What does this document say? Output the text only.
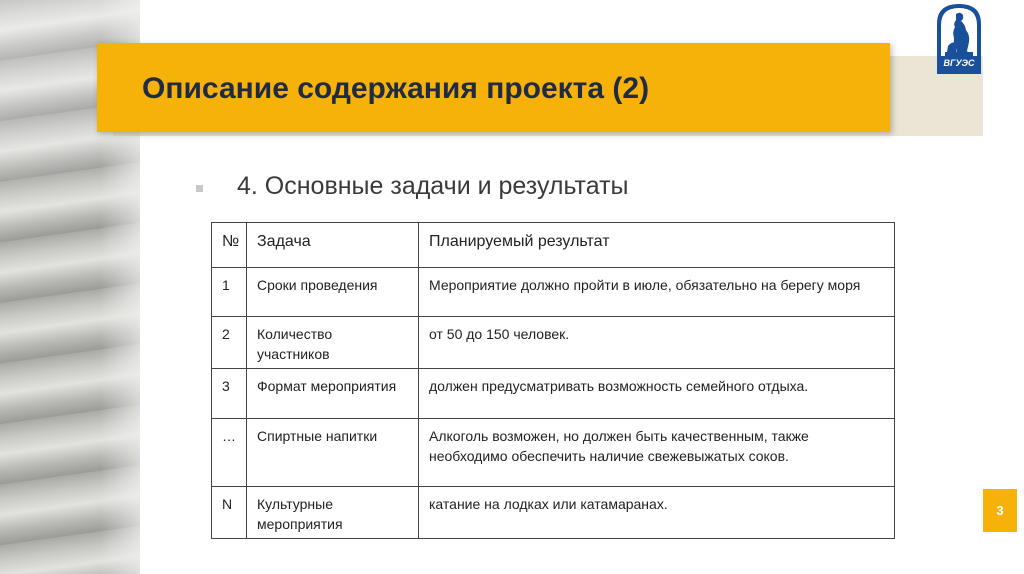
Описание содержания проекта (2)
ВГУЭС
4. Основные задачи и результаты
№	Задача	Планируемый результат
1	Сроки проведения	Мероприятие должно пройти в июле, обязательно на берегу моря
2	Количество участников	от 50 до 150 человек.
3	Формат мероприятия	должен предусматривать возможность семейного отдыха.
…	Спиртные напитки	Алкоголь возможен, но должен быть качественным, также необходимо обеспечить наличие свежевыжатых соков.
N	Культурные мероприятия	катание на лодках или катамаранах.	3
